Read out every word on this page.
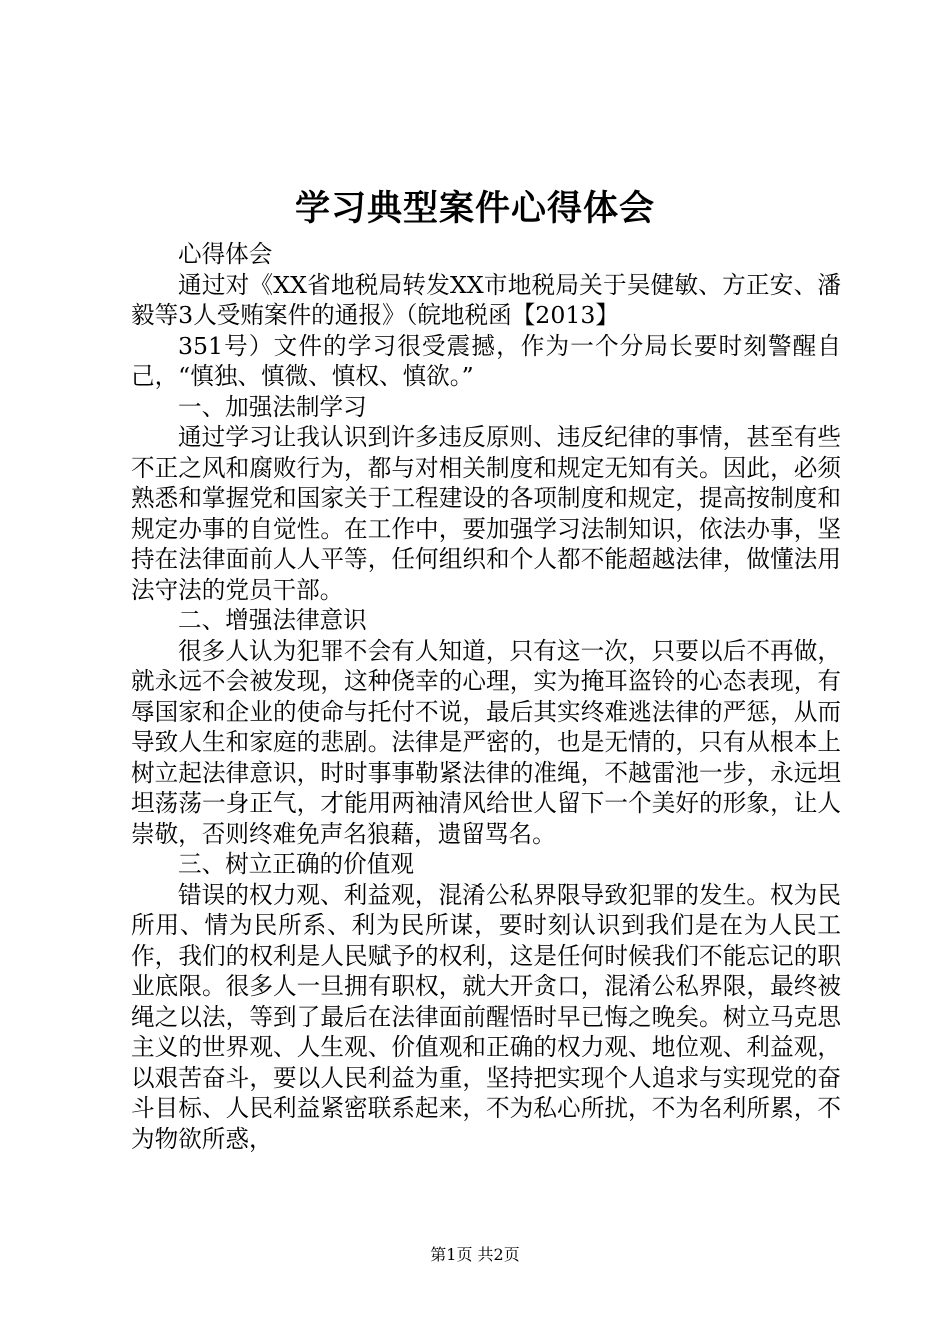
学习典型案件心得体会

心得体会

通过对《XX省地税局转发XX市地税局关于吴健敏、方正安、潘毅等3人受贿案件的通报》（皖地税函【2013】

351号）文件的学习很受震撼，作为一个分局长要时刻警醒自己，“慎独、慎微、慎权、慎欲。”

一、加强法制学习

通过学习让我认识到许多违反原则、违反纪律的事情，甚至有些不正之风和腐败行为，都与对相关制度和规定无知有关。因此，必须熟悉和掌握党和国家关于工程建设的各项制度和规定，提高按制度和规定办事的自觉性。在工作中，要加强学习法制知识，依法办事，坚持在法律面前人人平等，任何组织和个人都不能超越法律，做懂法用法守法的党员干部。

二、增强法律意识

很多人认为犯罪不会有人知道，只有这一次，只要以后不再做，就永远不会被发现，这种侥幸的心理，实为掩耳盗铃的心态表现，有辱国家和企业的使命与托付不说，最后其实终难逃法律的严惩，从而导致人生和家庭的悲剧。法律是严密的，也是无情的，只有从根本上树立起法律意识，时时事事勒紧法律的准绳，不越雷池一步，永远坦坦荡荡一身正气，才能用两袖清风给世人留下一个美好的形象，让人崇敬，否则终难免声名狼藉，遗留骂名。

三、树立正确的价值观

错误的权力观、利益观，混淆公私界限导致犯罪的发生。权为民所用、情为民所系、利为民所谋，要时刻认识到我们是在为人民工作，我们的权利是人民赋予的权利，这是任何时候我们不能忘记的职业底限。很多人一旦拥有职权，就大开贪口，混淆公私界限，最终被绳之以法，等到了最后在法律面前醒悟时早已悔之晚矣。树立马克思主义的世界观、人生观、价值观和正确的权力观、地位观、利益观，以艰苦奋斗，要以人民利益为重，坚持把实现个人追求与实现党的奋斗目标、人民利益紧密联系起来，不为私心所扰，不为名利所累，不为物欲所惑，

第1页 共2页
